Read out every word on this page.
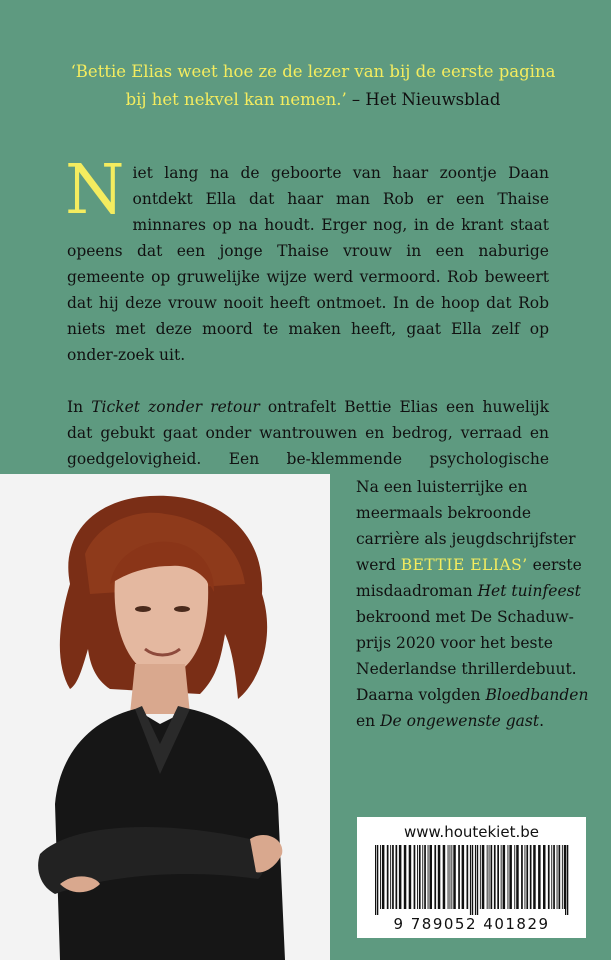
‘Bettie Elias weet hoe ze de lezer van bij de eerste pagina bij het nekvel kan nemen.’ – Het Nieuwsblad

Niet lang na de geboorte van haar zoontje Daan ontdekt Ella dat haar man Rob er een Thaise minnares op na houdt. Erger nog, in de krant staat opeens dat een jonge Thaise vrouw in een naburige gemeente op gruwelijke wijze werd vermoord. Rob beweert dat hij deze vrouw nooit heeft ontmoet. In de hoop dat Rob niets met deze moord te maken heeft, gaat Ella zelf op onder-zoek uit.

In Ticket zonder retour ontrafelt Bettie Elias een huwelijk dat gebukt gaat onder wantrouwen en bedrog, verraad en goedgelovigheid. Een be-klemmende psychologische

Na een luisterrijke en
meermaals bekroonde
carrière als jeugdschrijfster
werd BETTIE ELIAS’ eerste
misdaadroman Het tuinfeest
bekroond met De Schaduw-
prijs 2020 voor het beste
Nederlandse thrillerdebuut.
Daarna volgden Bloedbanden
en De ongewenste gast.
www.houtekiet.be
9 789052 401829
